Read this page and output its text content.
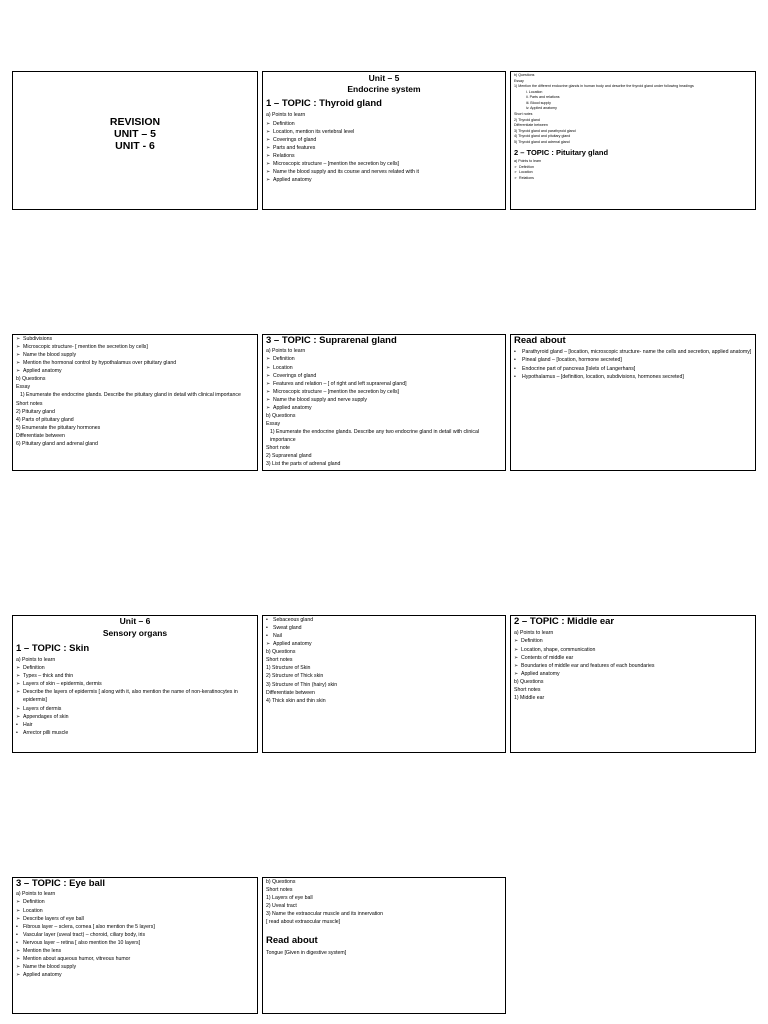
REVISION
UNIT – 5
UNIT - 6
Unit – 5
Endocrine system
1 – TOPIC : Thyroid gland
a) Points to learn
➢ Definition
➢ Location, mention its vertebral level
➢ Coverings of gland
➢ Parts and features
➢ Relations
➢ Microscopic structure – [mention the secretion by cells]
➢ Name the blood supply and its course and nerves related with it
➢ Applied anatomy
b) Questions
Essay
1) Mention the different endocrine glands in human body and describe the thyroid gland under following headings
i. Location
ii. Parts and relations
iii. Blood supply
iv. Applied anatomy
Short notes
2) Thyroid gland
Differentiate between
3) Thyroid gland and parathyroid gland
4) Thyroid gland and pituitary gland
5) Thyroid gland and adrenal gland
2 – TOPIC : Pituitary gland
a) Points to learn
➢ Definition
➢ Location
➢ Relations
➢ Subdivisions
➢ Microscopic structure- [ mention the secretion by cells]
➢ Name the blood supply
➢ Mention the hormonal control by hypothalamus over pituitary gland
➢ Applied anatomy
b) Questions
Essay
1) Enumerate the endocrine glands. Describe the pituitary gland in detail with clinical importance
Short notes
2) Pituitary gland
4) Parts of pituitary gland
5) Enumerate the pituitary hormones
Differentiate between
6) Pituitary gland and adrenal gland
3 – TOPIC : Suprarenal gland
a) Points to learn
➢ Definition
➢ Location
➢ Coverings of gland
➢ Features and relation – [ of right and left suprarenal gland]
➢ Microscopic structure – [mention the secretion by cells]
➢ Name the blood supply and nerve supply
➢ Applied anatomy
b) Questions
Essay
1) Enumerate the endocrine glands. Describe any two endocrine gland in detail with clinical importance
Short note
2) Suprarenal gland
3) List the parts of adrenal gland
Read about
• Parathyroid gland – [location, microscopic structure- name the cells and secretion, applied anatomy]
• Pineal gland – [location, hormone secreted]
• Endocrine part of pancreas [Islets of Langerhans]
• Hypothalamus – [definition, location, subdivisions, hormones secreted]
Unit – 6
Sensory organs
1 – TOPIC : Skin
a) Points to learn
➢ Definition
➢ Types – thick and thin
➢ Layers of skin – epidermis, dermis
➢ Describe the layers of epidermis [ along with it, also mention the name of non-keratinocytes in epidermis]
➢ Layers of dermis
➢ Appendages of skin
• Hair
• Arrector pilli muscle
• Sebaceous gland
• Sweat gland
• Nail
➢ Applied anatomy
b) Questions
Short notes
1) Structure of Skin
2) Structure of Thick skin
3) Structure of Thin (hairy) skin
Differentiate between
4) Thick skin and thin skin
2 – TOPIC : Middle ear
a) Points to learn
➢ Definition
➢ Location, shape, communication
➢ Contents of middle ear
➢ Boundaries of middle ear and features of each boundaries
➢ Applied anatomy
b) Questions
Short notes
1) Middle ear
3 – TOPIC : Eye ball
a) Points to learn
➢ Definition
➢ Location
➢ Describe layers of eye ball
• Fibrous layer – sclera, cornea [ also mention the 5 layers]
• Vascular layer (uveal tract) – choroid, ciliary body, iris
• Nervous layer – retina [ also mention the 10 layers]
➢ Mention the lens
➢ Mention about aqueous humor, vitreous humor
➢ Name the blood supply
➢ Applied anatomy
b) Questions
Short notes
1) Layers of eye ball
2) Uveal tract
3) Name the extraocular muscle and its innervation
[ read about extraocular muscle]
Read about
Tongue [Given in digestive system]
